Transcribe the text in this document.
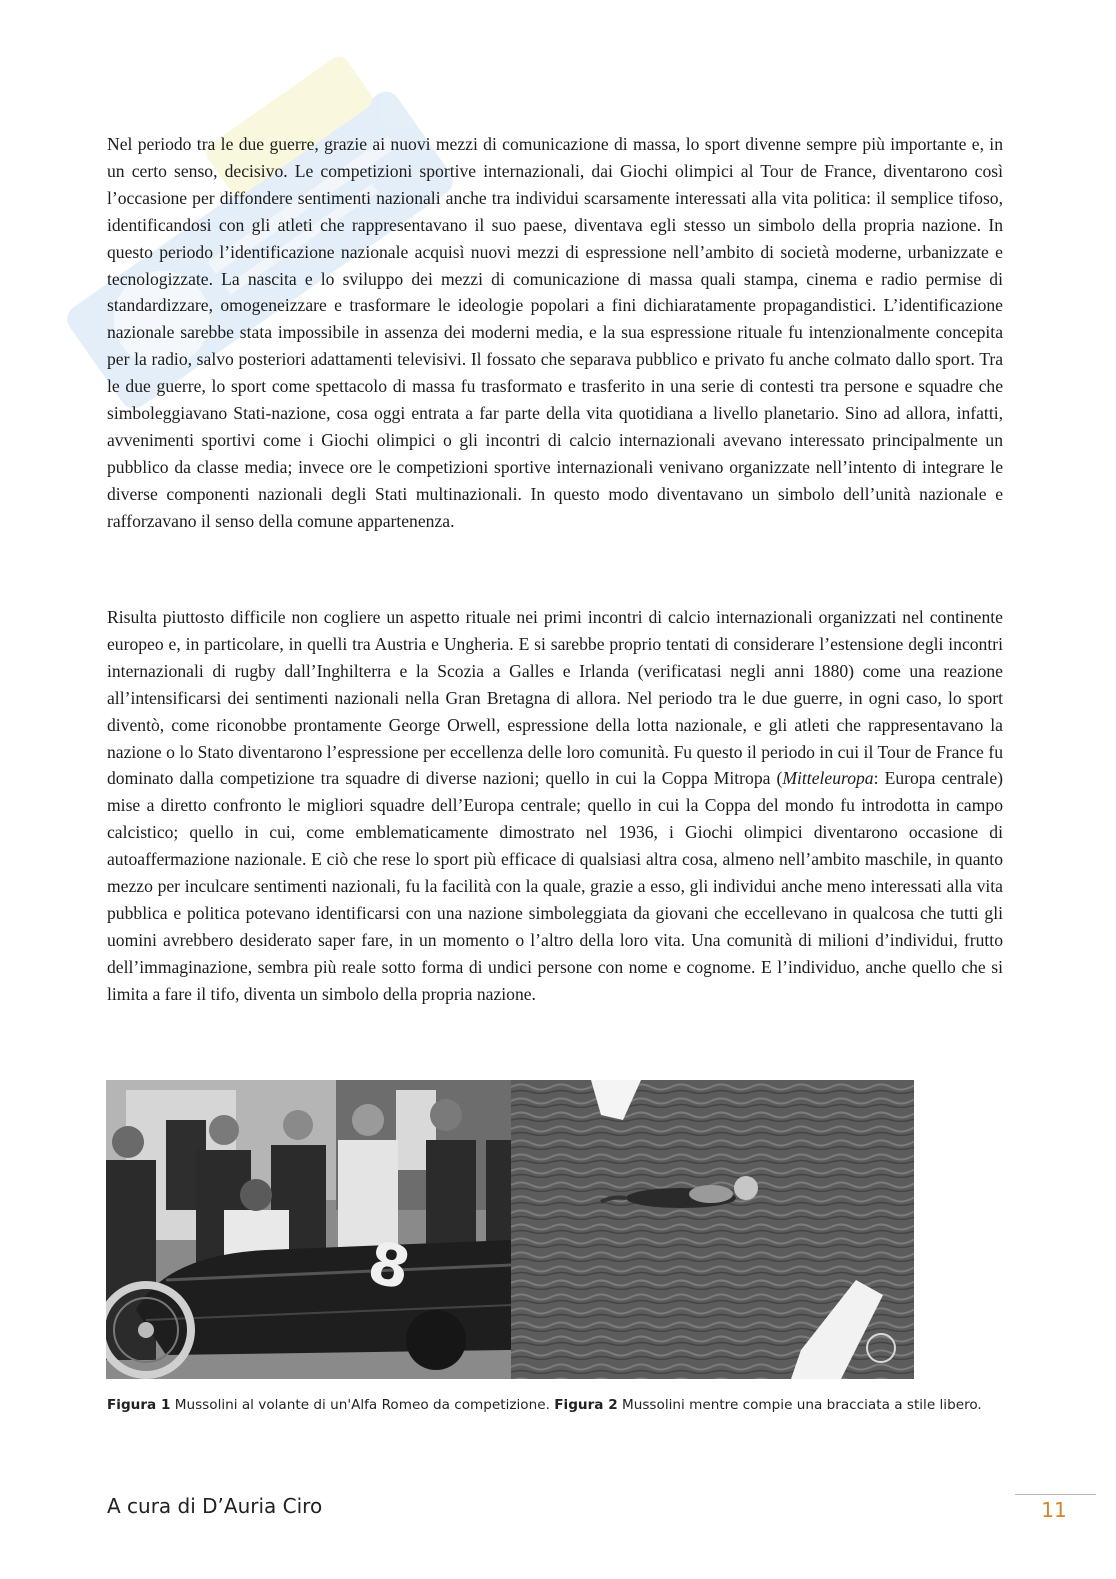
Nel periodo tra le due guerre, grazie ai nuovi mezzi di comunicazione di massa, lo sport divenne sempre più importante e, in un certo senso, decisivo. Le competizioni sportive internazionali, dai Giochi olimpici al Tour de France, diventarono così l’occasione per diffondere sentimenti nazionali anche tra individui scarsamente interessati alla vita politica: il semplice tifoso, identificandosi con gli atleti che rappresentavano il suo paese, diventava egli stesso un simbolo della propria nazione. In questo periodo l’identificazione nazionale acquisì nuovi mezzi di espressione nell’ambito di società moderne, urbanizzate e tecnologizzate. La nascita e lo sviluppo dei mezzi di comunicazione di massa quali stampa, cinema e radio permise di standardizzare, omogeneizzare e trasformare le ideologie popolari a fini dichiaratamente propagandistici. L’identificazione nazionale sarebbe stata impossibile in assenza dei moderni media, e la sua espressione rituale fu intenzionalmente concepita per la radio, salvo posteriori adattamenti televisivi. Il fossato che separava pubblico e privato fu anche colmato dallo sport. Tra le due guerre, lo sport come spettacolo di massa fu trasformato e trasferito in una serie di contesti tra persone e squadre che simboleggiavano Stati-nazione, cosa oggi entrata a far parte della vita quotidiana a livello planetario. Sino ad allora, infatti, avvenimenti sportivi come i Giochi olimpici o gli incontri di calcio internazionali avevano interessato principalmente un pubblico da classe media; invece ore le competizioni sportive internazionali venivano organizzate nell’intento di integrare le diverse componenti nazionali degli Stati multinazionali. In questo modo diventavano un simbolo dell’unità nazionale e rafforzavano il senso della comune appartenenza.

Risulta piuttosto difficile non cogliere un aspetto rituale nei primi incontri di calcio internazionali organizzati nel continente europeo e, in particolare, in quelli tra Austria e Ungheria. E si sarebbe proprio tentati di considerare l’estensione degli incontri internazionali di rugby dall’Inghilterra e la Scozia a Galles e Irlanda (verificatasi negli anni 1880) come una reazione all’intensificarsi dei sentimenti nazionali nella Gran Bretagna di allora. Nel periodo tra le due guerre, in ogni caso, lo sport diventò, come riconobbe prontamente George Orwell, espressione della lotta nazionale, e gli atleti che rappresentavano la nazione o lo Stato diventarono l’espressione per eccellenza delle loro comunità. Fu questo il periodo in cui il Tour de France fu dominato dalla competizione tra squadre di diverse nazioni; quello in cui la Coppa Mitropa (Mitteleuropa: Europa centrale) mise a diretto confronto le migliori squadre dell’Europa centrale; quello in cui la Coppa del mondo fu introdotta in campo calcistico; quello in cui, come emblematicamente dimostrato nel 1936, i Giochi olimpici diventarono occasione di autoaffermazione nazionale. E ciò che rese lo sport più efficace di qualsiasi altra cosa, almeno nell’ambito maschile, in quanto mezzo per inculcare sentimenti nazionali, fu la facilità con la quale, grazie a esso, gli individui anche meno interessati alla vita pubblica e politica potevano identificarsi con una nazione simboleggiata da giovani che eccellevano in qualcosa che tutti gli uomini avrebbero desiderato saper fare, in un momento o l’altro della loro vita. Una comunità di milioni d’individui, frutto dell’immaginazione, sembra più reale sotto forma di undici persone con nome e cognome. E l’individuo, anche quello che si limita a fare il tifo, diventa un simbolo della propria nazione.

8

Figura 1 Mussolini al volante di un'Alfa Romeo da competizione. Figura 2 Mussolini mentre compie una bracciata a stile libero.

A cura di D’Auria Ciro	11
